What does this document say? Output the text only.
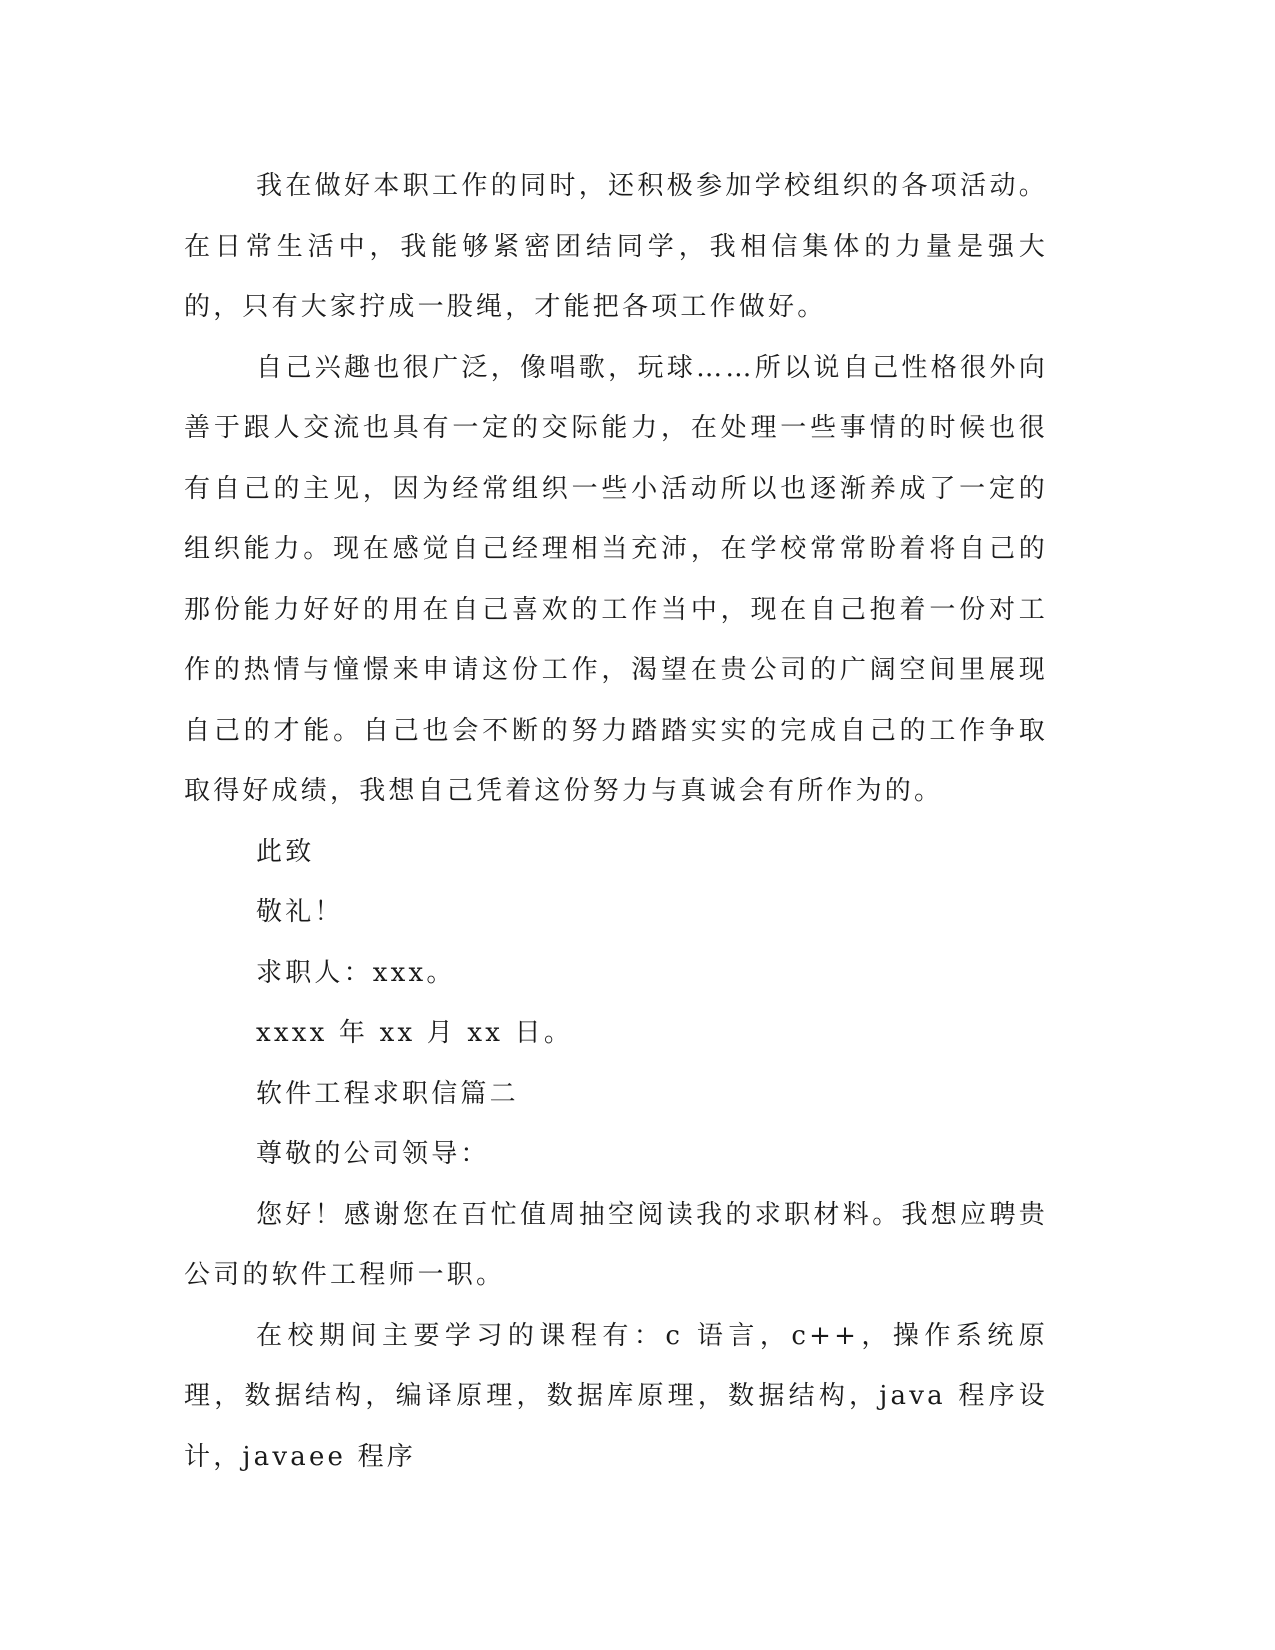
我在做好本职工作的同时，还积极参加学校组织的各项活动。在日常生活中，我能够紧密团结同学，我相信集体的力量是强大的，只有大家拧成一股绳，才能把各项工作做好。

自己兴趣也很广泛，像唱歌，玩球……所以说自己性格很外向善于跟人交流也具有一定的交际能力，在处理一些事情的时候也很有自己的主见，因为经常组织一些小活动所以也逐渐养成了一定的组织能力。现在感觉自己经理相当充沛，在学校常常盼着将自己的那份能力好好的用在自己喜欢的工作当中，现在自己抱着一份对工作的热情与憧憬来申请这份工作，渴望在贵公司的广阔空间里展现自己的才能。自己也会不断的努力踏踏实实的完成自己的工作争取取得好成绩，我想自己凭着这份努力与真诚会有所作为的。

此致

敬礼！

求职人：xxx。

xxxx 年 xx 月 xx 日。

软件工程求职信篇二

尊敬的公司领导：

您好！感谢您在百忙值周抽空阅读我的求职材料。我想应聘贵公司的软件工程师一职。

在校期间主要学习的课程有：c 语言，c++，操作系统原理，数据结构，编译原理，数据库原理，数据结构，java 程序设计，javaee 程序
